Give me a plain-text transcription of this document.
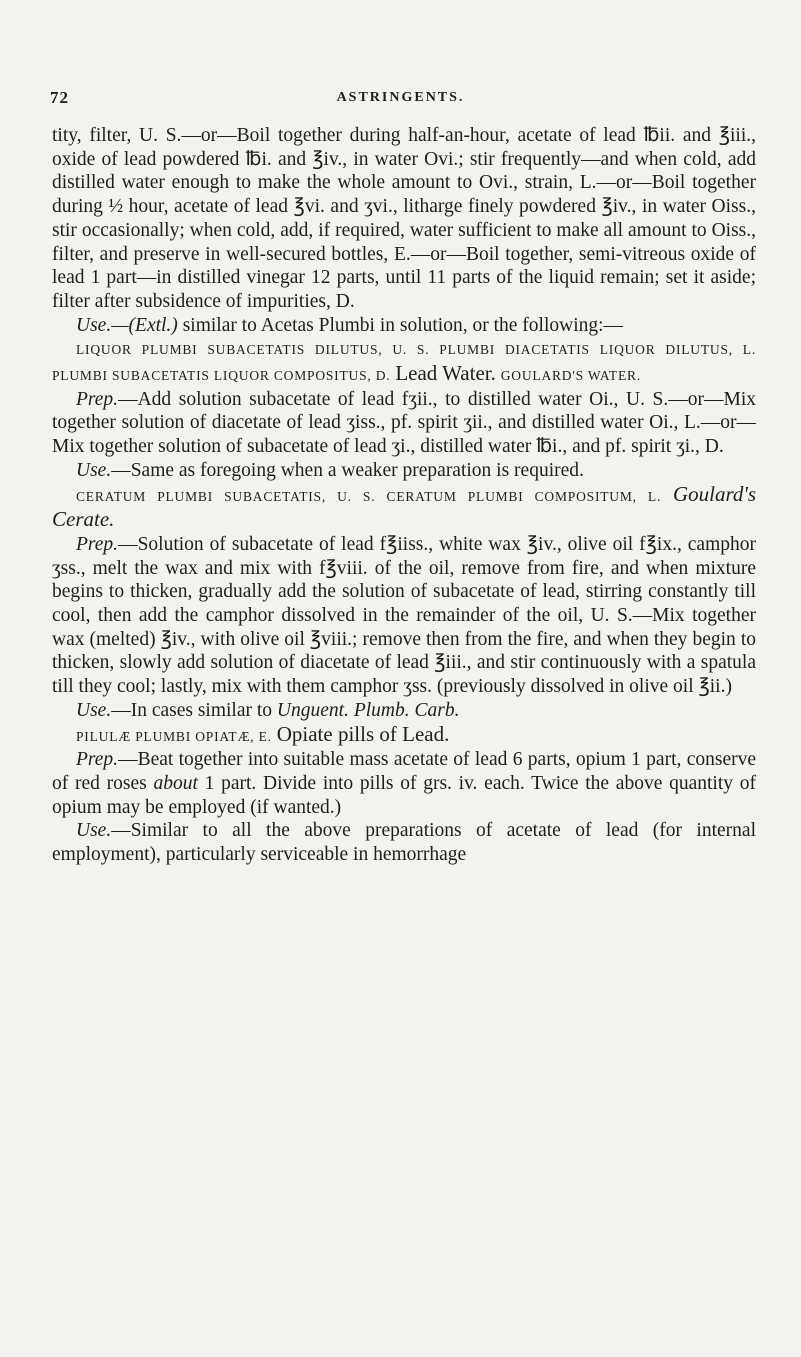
72	ASTRINGENTS.

tity, filter, U. S.—or—Boil together during half-an-hour, acetate of lead ℔ii. and ℥iii., oxide of lead powdered ℔i. and ℥iv., in water Ovi.; stir frequently—and when cold, add distilled water enough to make the whole amount to Ovi., strain, L.—or—Boil together during ½ hour, acetate of lead ℥vi. and ʒvi., litharge finely powdered ℥iv., in water Oiss., stir occasionally; when cold, add, if required, water sufficient to make all amount to Oiss., filter, and preserve in well-secured bottles, E.—or—Boil together, semi-vitreous oxide of lead 1 part—in distilled vinegar 12 parts, until 11 parts of the liquid remain; set it aside; filter after subsidence of impurities, D.

Use.—(Extl.) similar to Acetas Plumbi in solution, or the following:—

LIQUOR PLUMBI SUBACETATIS DILUTUS, U. S. PLUMBI DIACETATIS LIQUOR DILUTUS, L. PLUMBI SUBACETATIS LIQUOR COMPOSITUS, D. Lead Water. GOULARD'S WATER.

Prep.—Add solution subacetate of lead fʒii., to distilled water Oi., U. S.—or—Mix together solution of diacetate of lead ʒiss., pf. spirit ʒii., and distilled water Oi., L.—or—Mix together solution of subacetate of lead ʒi., distilled water ℔i., and pf. spirit ʒi., D.

Use.—Same as foregoing when a weaker preparation is required.

CERATUM PLUMBI SUBACETATIS, U. S. CERATUM PLUMBI COMPOSITUM, L. Goulard's Cerate.

Prep.—Solution of subacetate of lead f℥iiss., white wax ℥iv., olive oil f℥ix., camphor ʒss., melt the wax and mix with f℥viii. of the oil, remove from fire, and when mixture begins to thicken, gradually add the solution of subacetate of lead, stirring constantly till cool, then add the camphor dissolved in the remainder of the oil, U. S.—Mix together wax (melted) ℥iv., with olive oil ℥viii.; remove then from the fire, and when they begin to thicken, slowly add solution of diacetate of lead ℥iii., and stir continuously with a spatula till they cool; lastly, mix with them camphor ʒss. (previously dissolved in olive oil ℥ii.)

Use.—In cases similar to Unguent. Plumb. Carb.

PILULÆ PLUMBI OPIATÆ, E. Opiate pills of Lead.

Prep.—Beat together into suitable mass acetate of lead 6 parts, opium 1 part, conserve of red roses about 1 part. Divide into pills of grs. iv. each. Twice the above quantity of opium may be employed (if wanted.)

Use.—Similar to all the above preparations of acetate of lead (for internal employment), particularly serviceable in hemorrhage
